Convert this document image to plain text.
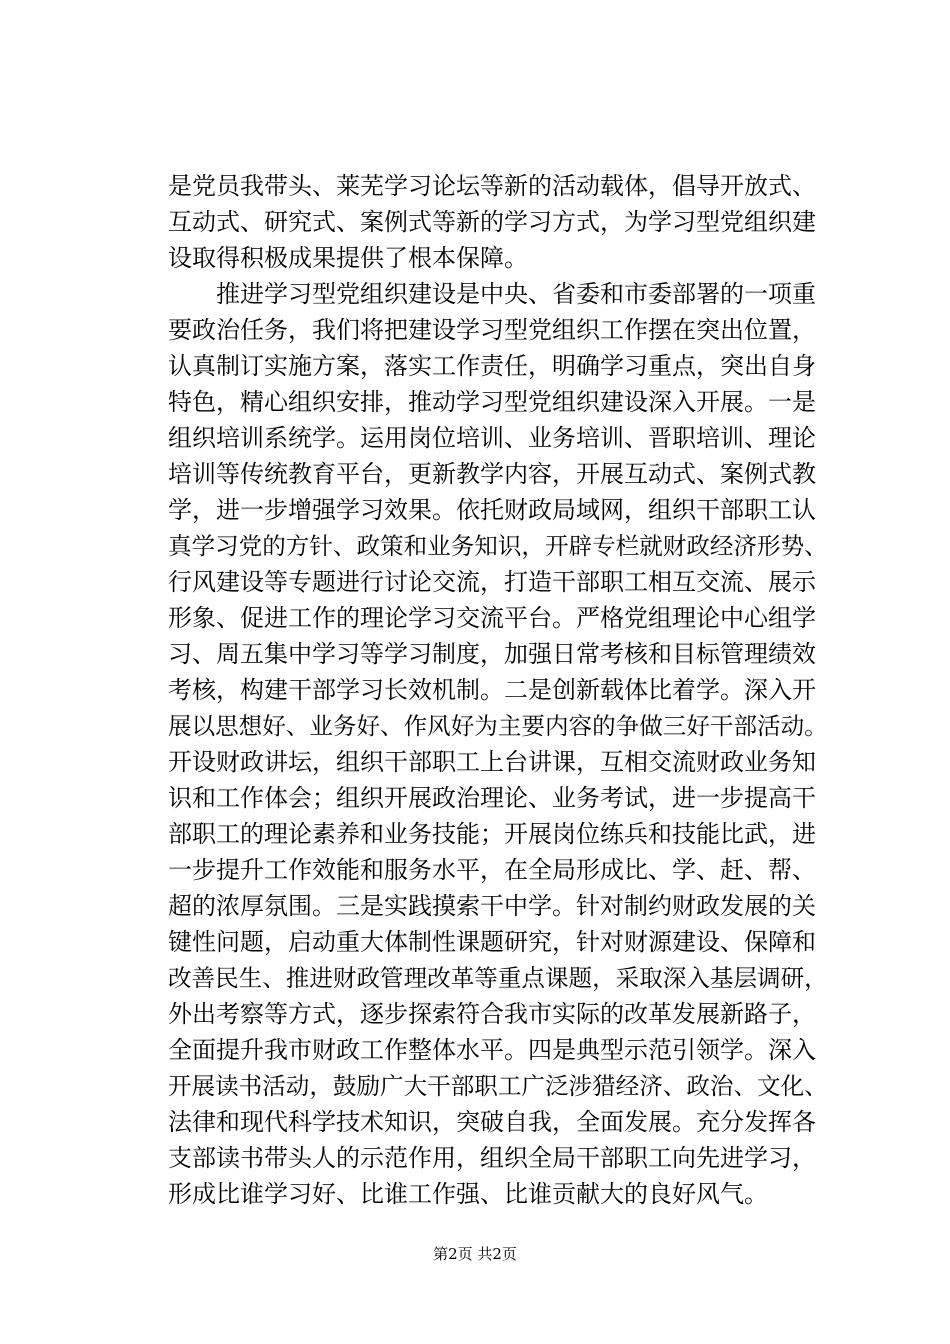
是党员我带头、莱芜学习论坛等新的活动载体，倡导开放式、
互动式、研究式、案例式等新的学习方式，为学习型党组织建
设取得积极成果提供了根本保障。
　　推进学习型党组织建设是中央、省委和市委部署的一项重
要政治任务，我们将把建设学习型党组织工作摆在突出位置，
认真制订实施方案，落实工作责任，明确学习重点，突出自身
特色，精心组织安排，推动学习型党组织建设深入开展。一是
组织培训系统学。运用岗位培训、业务培训、晋职培训、理论
培训等传统教育平台，更新教学内容，开展互动式、案例式教
学，进一步增强学习效果。依托财政局域网，组织干部职工认
真学习党的方针、政策和业务知识，开辟专栏就财政经济形势、
行风建设等专题进行讨论交流，打造干部职工相互交流、展示
形象、促进工作的理论学习交流平台。严格党组理论中心组学
习、周五集中学习等学习制度，加强日常考核和目标管理绩效
考核，构建干部学习长效机制。二是创新载体比着学。深入开
展以思想好、业务好、作风好为主要内容的争做三好干部活动。
开设财政讲坛，组织干部职工上台讲课，互相交流财政业务知
识和工作体会；组织开展政治理论、业务考试，进一步提高干
部职工的理论素养和业务技能；开展岗位练兵和技能比武，进
一步提升工作效能和服务水平，在全局形成比、学、赶、帮、
超的浓厚氛围。三是实践摸索干中学。针对制约财政发展的关
键性问题，启动重大体制性课题研究，针对财源建设、保障和
改善民生、推进财政管理改革等重点课题，采取深入基层调研，
外出考察等方式，逐步探索符合我市实际的改革发展新路子，
全面提升我市财政工作整体水平。四是典型示范引领学。深入
开展读书活动，鼓励广大干部职工广泛涉猎经济、政治、文化、
法律和现代科学技术知识，突破自我，全面发展。充分发挥各
支部读书带头人的示范作用，组织全局干部职工向先进学习，
形成比谁学习好、比谁工作强、比谁贡献大的良好风气。
第2页 共2页
